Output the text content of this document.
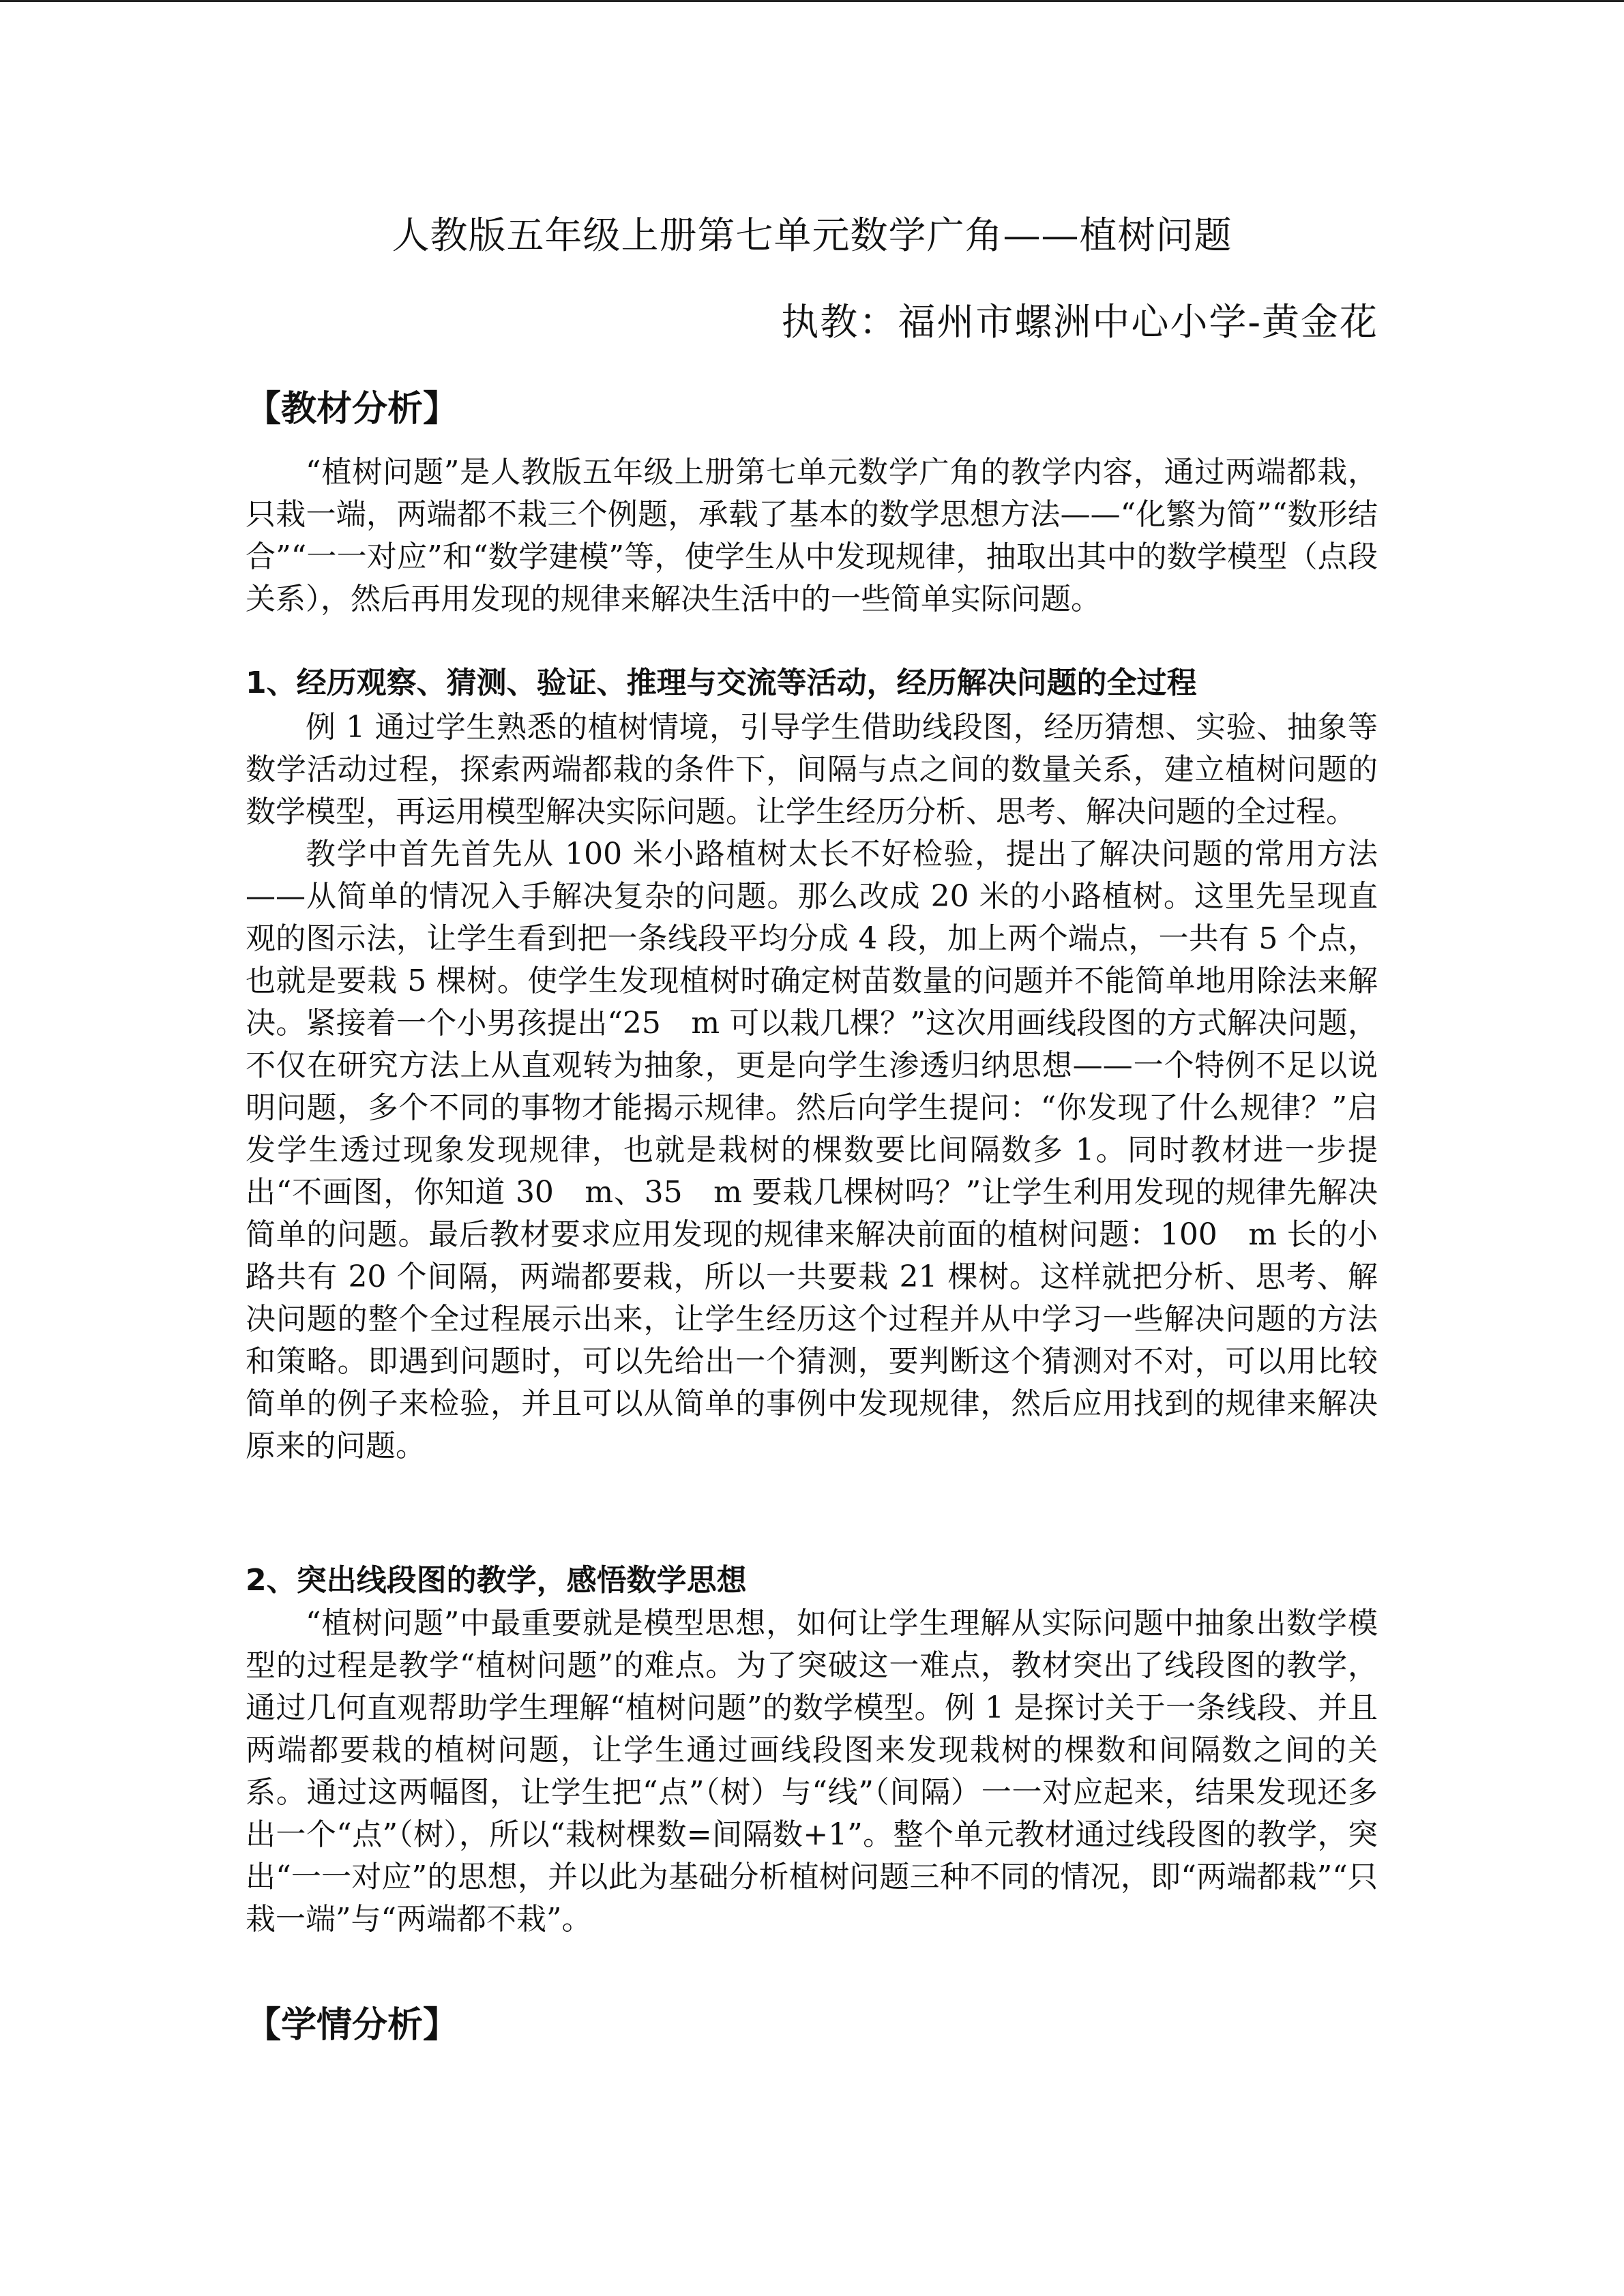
人教版五年级上册第七单元数学广角——植树问题
执教：福州市螺洲中心小学-黄金花
【教材分析】

“植树问题”是人教版五年级上册第七单元数学广角的教学内容，通过两端都栽，只栽一端，两端都不栽三个例题，承载了基本的数学思想方法——“化繁为简”“数形结合”“一一对应”和“数学建模”等，使学生从中发现规律，抽取出其中的数学模型（点段关系），然后再用发现的规律来解决生活中的一些简单实际问题。

1、经历观察、猜测、验证、推理与交流等活动，经历解决问题的全过程

例 1 通过学生熟悉的植树情境，引导学生借助线段图，经历猜想、实验、抽象等数学活动过程，探索两端都栽的条件下，间隔与点之间的数量关系，建立植树问题的数学模型，再运用模型解决实际问题。让学生经历分析、思考、解决问题的全过程。

教学中首先首先从 100 米小路植树太长不好检验，提出了解决问题的常用方法——从简单的情况入手解决复杂的问题。那么改成 20 米的小路植树。这里先呈现直观的图示法，让学生看到把一条线段平均分成 4 段，加上两个端点，一共有 5 个点，也就是要栽 5 棵树。使学生发现植树时确定树苗数量的问题并不能简单地用除法来解决。紧接着一个小男孩提出“25　m 可以栽几棵？”这次用画线段图的方式解决问题，不仅在研究方法上从直观转为抽象，更是向学生渗透归纳思想——一个特例不足以说明问题，多个不同的事物才能揭示规律。然后向学生提问：“你发现了什么规律？”启发学生透过现象发现规律，也就是栽树的棵数要比间隔数多 1。同时教材进一步提出“不画图，你知道 30　m、35　m 要栽几棵树吗？”让学生利用发现的规律先解决简单的问题。最后教材要求应用发现的规律来解决前面的植树问题：100　m 长的小路共有 20 个间隔，两端都要栽，所以一共要栽 21 棵树。这样就把分析、思考、解决问题的整个全过程展示出来，让学生经历这个过程并从中学习一些解决问题的方法和策略。即遇到问题时，可以先给出一个猜测，要判断这个猜测对不对，可以用比较简单的例子来检验，并且可以从简单的事例中发现规律，然后应用找到的规律来解决原来的问题。

2、突出线段图的教学，感悟数学思想

“植树问题”中最重要就是模型思想，如何让学生理解从实际问题中抽象出数学模型的过程是教学“植树问题”的难点。为了突破这一难点，教材突出了线段图的教学，通过几何直观帮助学生理解“植树问题”的数学模型。例 1 是探讨关于一条线段、并且两端都要栽的植树问题，让学生通过画线段图来发现栽树的棵数和间隔数之间的关系。通过这两幅图，让学生把“点”（树）与“线”（间隔）一一对应起来，结果发现还多出一个“点”（树），所以“栽树棵数=间隔数+1”。整个单元教材通过线段图的教学，突出“一一对应”的思想，并以此为基础分析植树问题三种不同的情况，即“两端都栽”“只栽一端”与“两端都不栽”。

【学情分析】
